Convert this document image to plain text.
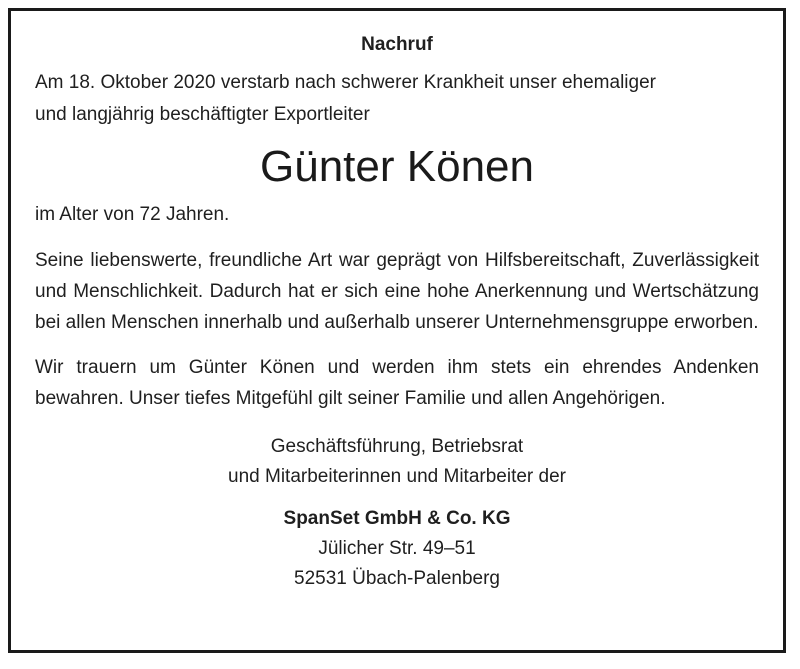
Nachruf

Am 18. Oktober 2020 verstarb nach schwerer Krankheit unser ehemaliger

und langjährig beschäftigter Exportleiter

Günter Könen

im Alter von 72 Jahren.

Seine liebenswerte, freundliche Art war geprägt von Hilfsbereitschaft, Zuverlässigkeit und Menschlichkeit. Dadurch hat er sich eine hohe Anerkennung und Wertschätzung bei allen Menschen innerhalb und außerhalb unserer Unternehmensgruppe erworben.

Wir trauern um Günter Könen und werden ihm stets ein ehrendes Andenken bewahren. Unser tiefes Mitgefühl gilt seiner Familie und allen Angehörigen.

Geschäftsführung, Betriebsrat
und Mitarbeiterinnen und Mitarbeiter der
SpanSet GmbH & Co. KG
Jülicher Str. 49–51
52531 Übach-Palenberg
